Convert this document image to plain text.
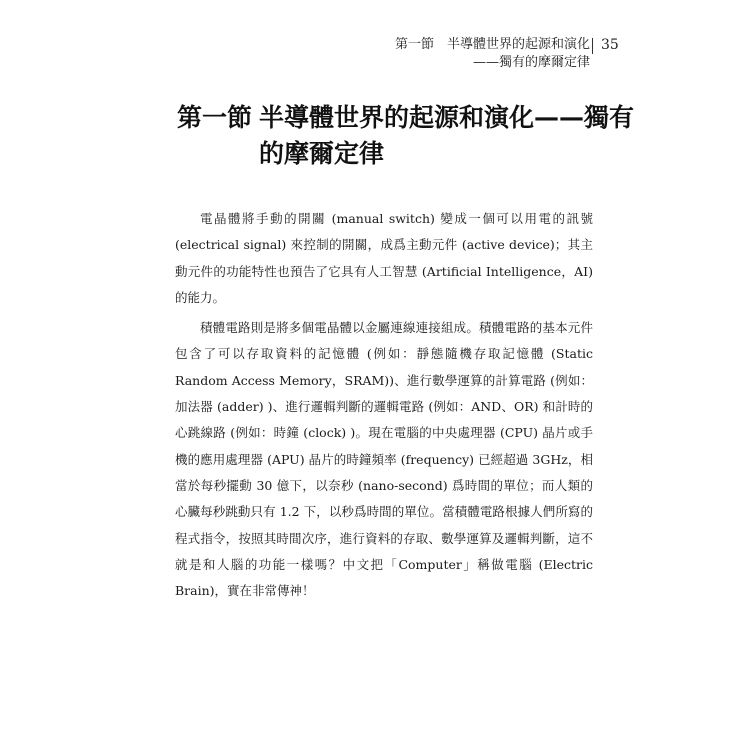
第一節　半導體世界的起源和演化
——獨有的摩爾定律
35
第一節 半導體世界的起源和演化——獨有
的摩爾定律

電晶體將手動的開關 (manual switch) 變成一個可以用電的訊號 (electrical signal) 來控制的開關，成爲主動元件 (active device)；其主動元件的功能特性也預告了它具有人工智慧 (Artificial Intelligence，AI) 的能力。

積體電路則是將多個電晶體以金屬連線連接組成。積體電路的基本元件包含了可以存取資料的記憶體 (例如：靜態隨機存取記憶體 (Static Random Access Memory，SRAM))、進行數學運算的計算電路 (例如：加法器 (adder) )、進行邏輯判斷的邏輯電路 (例如：AND、OR) 和計時的心跳線路 (例如：時鐘 (clock) )。現在電腦的中央處理器 (CPU) 晶片或手機的應用處理器 (APU) 晶片的時鐘頻率 (frequency) 已經超過 3GHz，相當於每秒擺動 30 億下，以奈秒 (nano-second) 爲時間的單位；而人類的心臟每秒跳動只有 1.2 下，以秒爲時間的單位。當積體電路根據人們所寫的程式指令，按照其時間次序，進行資料的存取、數學運算及邏輯判斷，這不就是和人腦的功能一樣嗎？中文把「Computer」稱做電腦 (Electric Brain)，實在非常傳神！
